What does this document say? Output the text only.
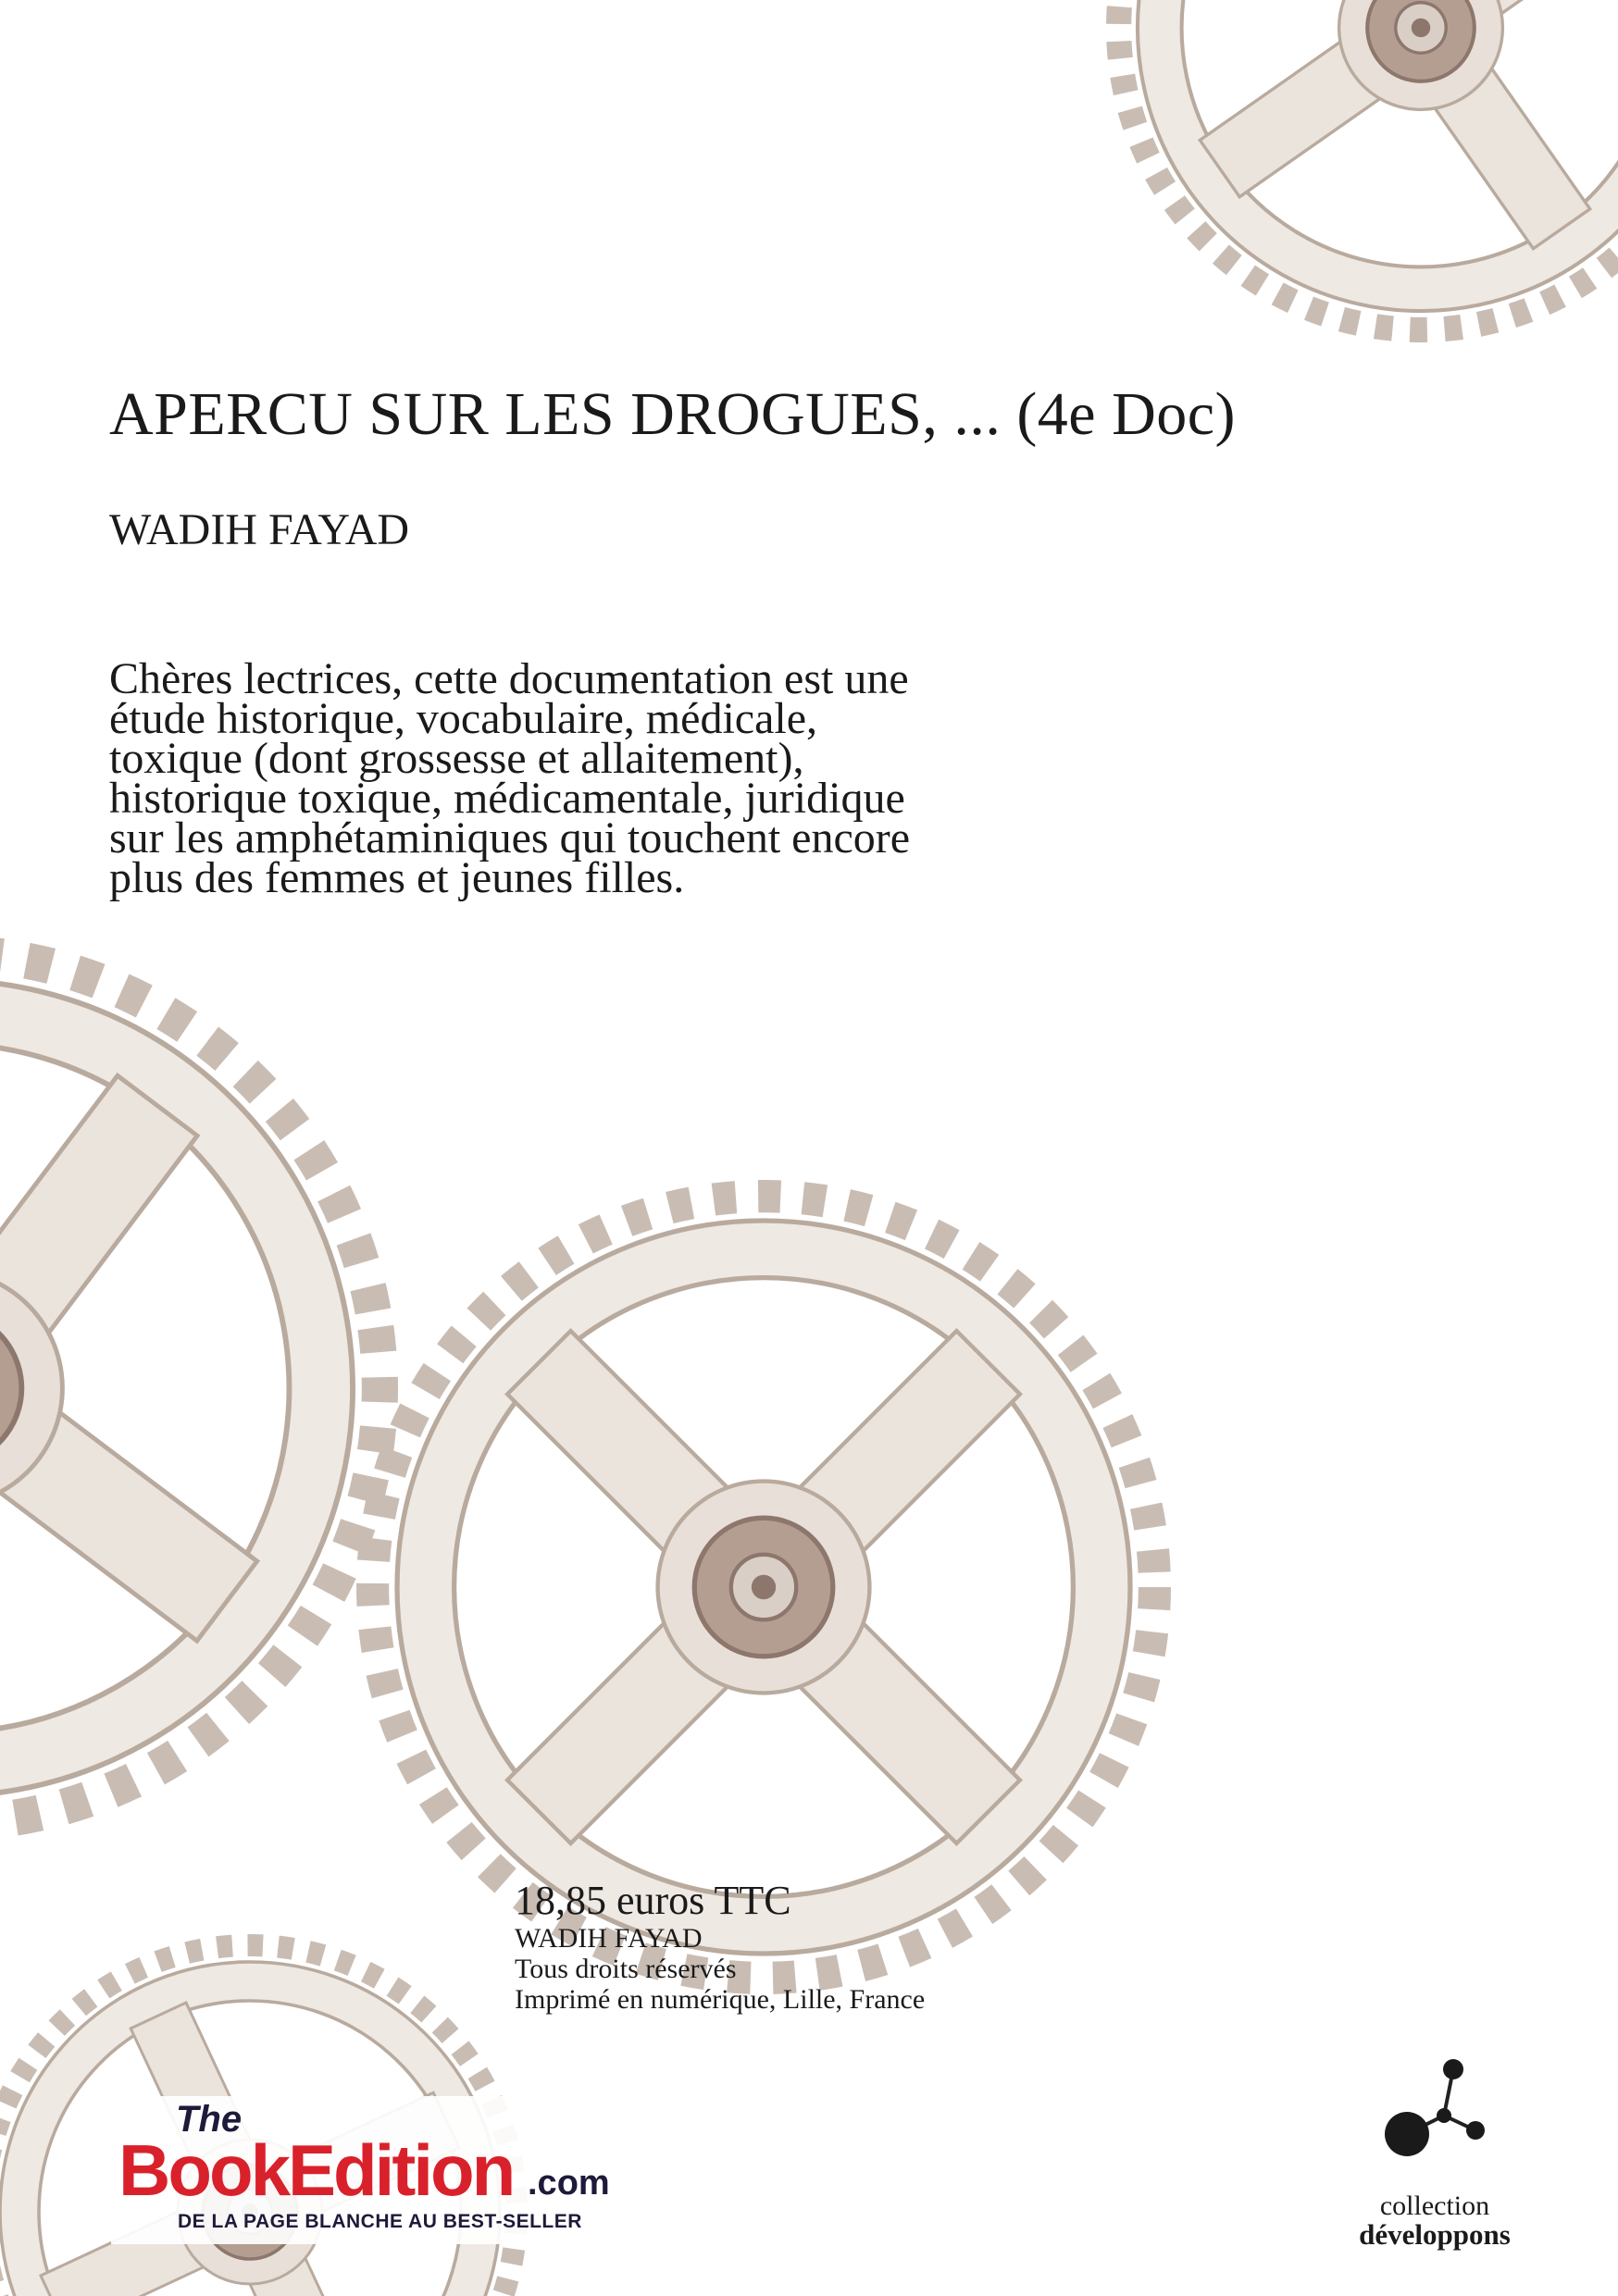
APERCU SUR LES DROGUES, ... (4e Doc)
WADIH FAYAD
Chères lectrices, cette documentation est une
étude historique, vocabulaire, médicale,
toxique (dont grossesse et allaitement),
historique toxique, médicamentale, juridique
sur les amphétaminiques qui touchent encore
plus des femmes et jeunes filles.
18,85 euros TTC
WADIH FAYAD
Tous droits réservés
Imprimé en numérique, Lille, France
The
BookEdition .com
DE LA PAGE BLANCHE AU BEST-SELLER
collection
développons
